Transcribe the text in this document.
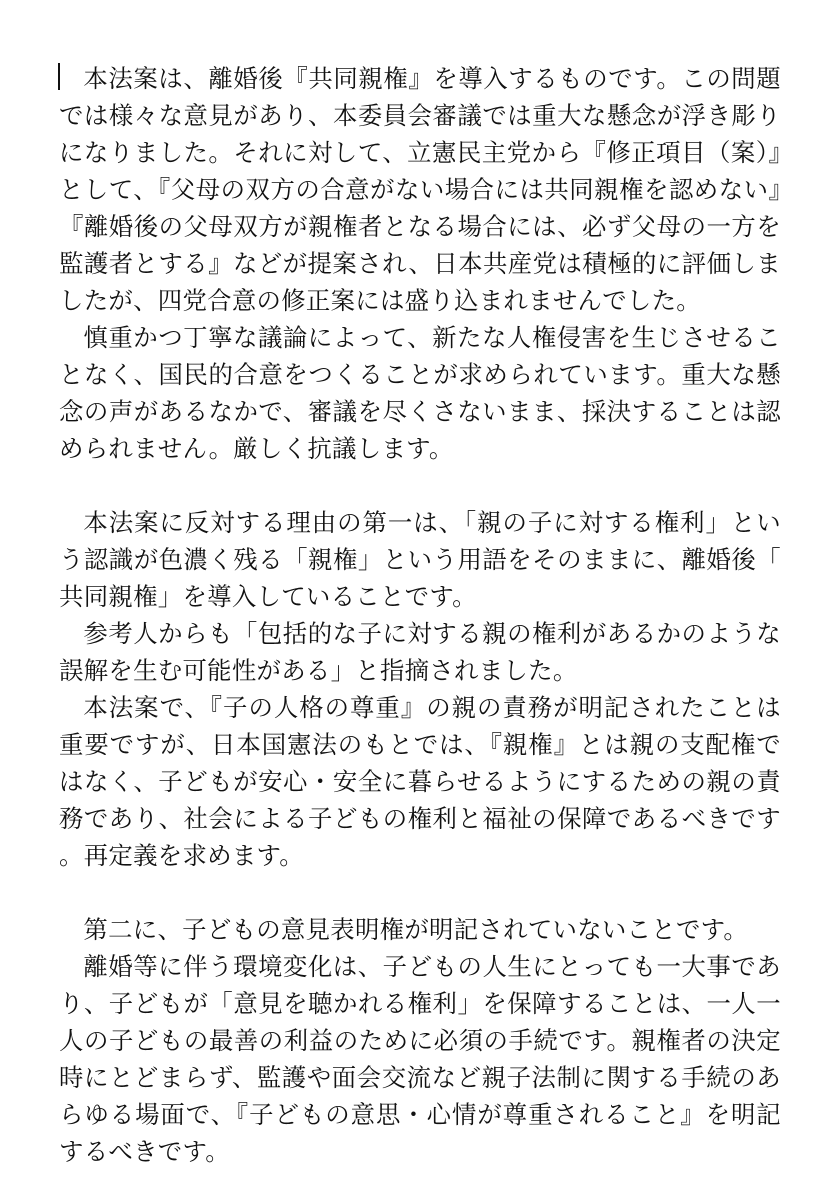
本法案は、離婚後『共同親権』を導入するものです。この問題では様々な意見があり、本委員会審議では重大な懸念が浮き彫りになりました。それに対して、立憲民主党から『修正項目（案）』として、『父母の双方の合意がない場合には共同親権を認めない』『離婚後の父母双方が親権者となる場合には、必ず父母の一方を監護者とする』などが提案され、日本共産党は積極的に評価しましたが、四党合意の修正案には盛り込まれませんでした。

慎重かつ丁寧な議論によって、新たな人権侵害を生じさせることなく、国民的合意をつくることが求められています。重大な懸念の声があるなかで、審議を尽くさないまま、採決することは認められません。厳しく抗議します。

本法案に反対する理由の第一は、「親の子に対する権利」という認識が色濃く残る「親権」という用語をそのままに、離婚後「共同親権」を導入していることです。

参考人からも「包括的な子に対する親の権利があるかのような誤解を生む可能性がある」と指摘されました。

本法案で、『子の人格の尊重』の親の責務が明記されたことは重要ですが、日本国憲法のもとでは、『親権』とは親の支配権ではなく、子どもが安心・安全に暮らせるようにするための親の責務であり、社会による子どもの権利と福祉の保障であるべきです。再定義を求めます。

第二に、子どもの意見表明権が明記されていないことです。

離婚等に伴う環境変化は、子どもの人生にとっても一大事であり、子どもが「意見を聴かれる権利」を保障することは、一人一人の子どもの最善の利益のために必須の手続です。親権者の決定時にとどまらず、監護や面会交流など親子法制に関する手続のあらゆる場面で、『子どもの意思・心情が尊重されること』を明記するべきです。
